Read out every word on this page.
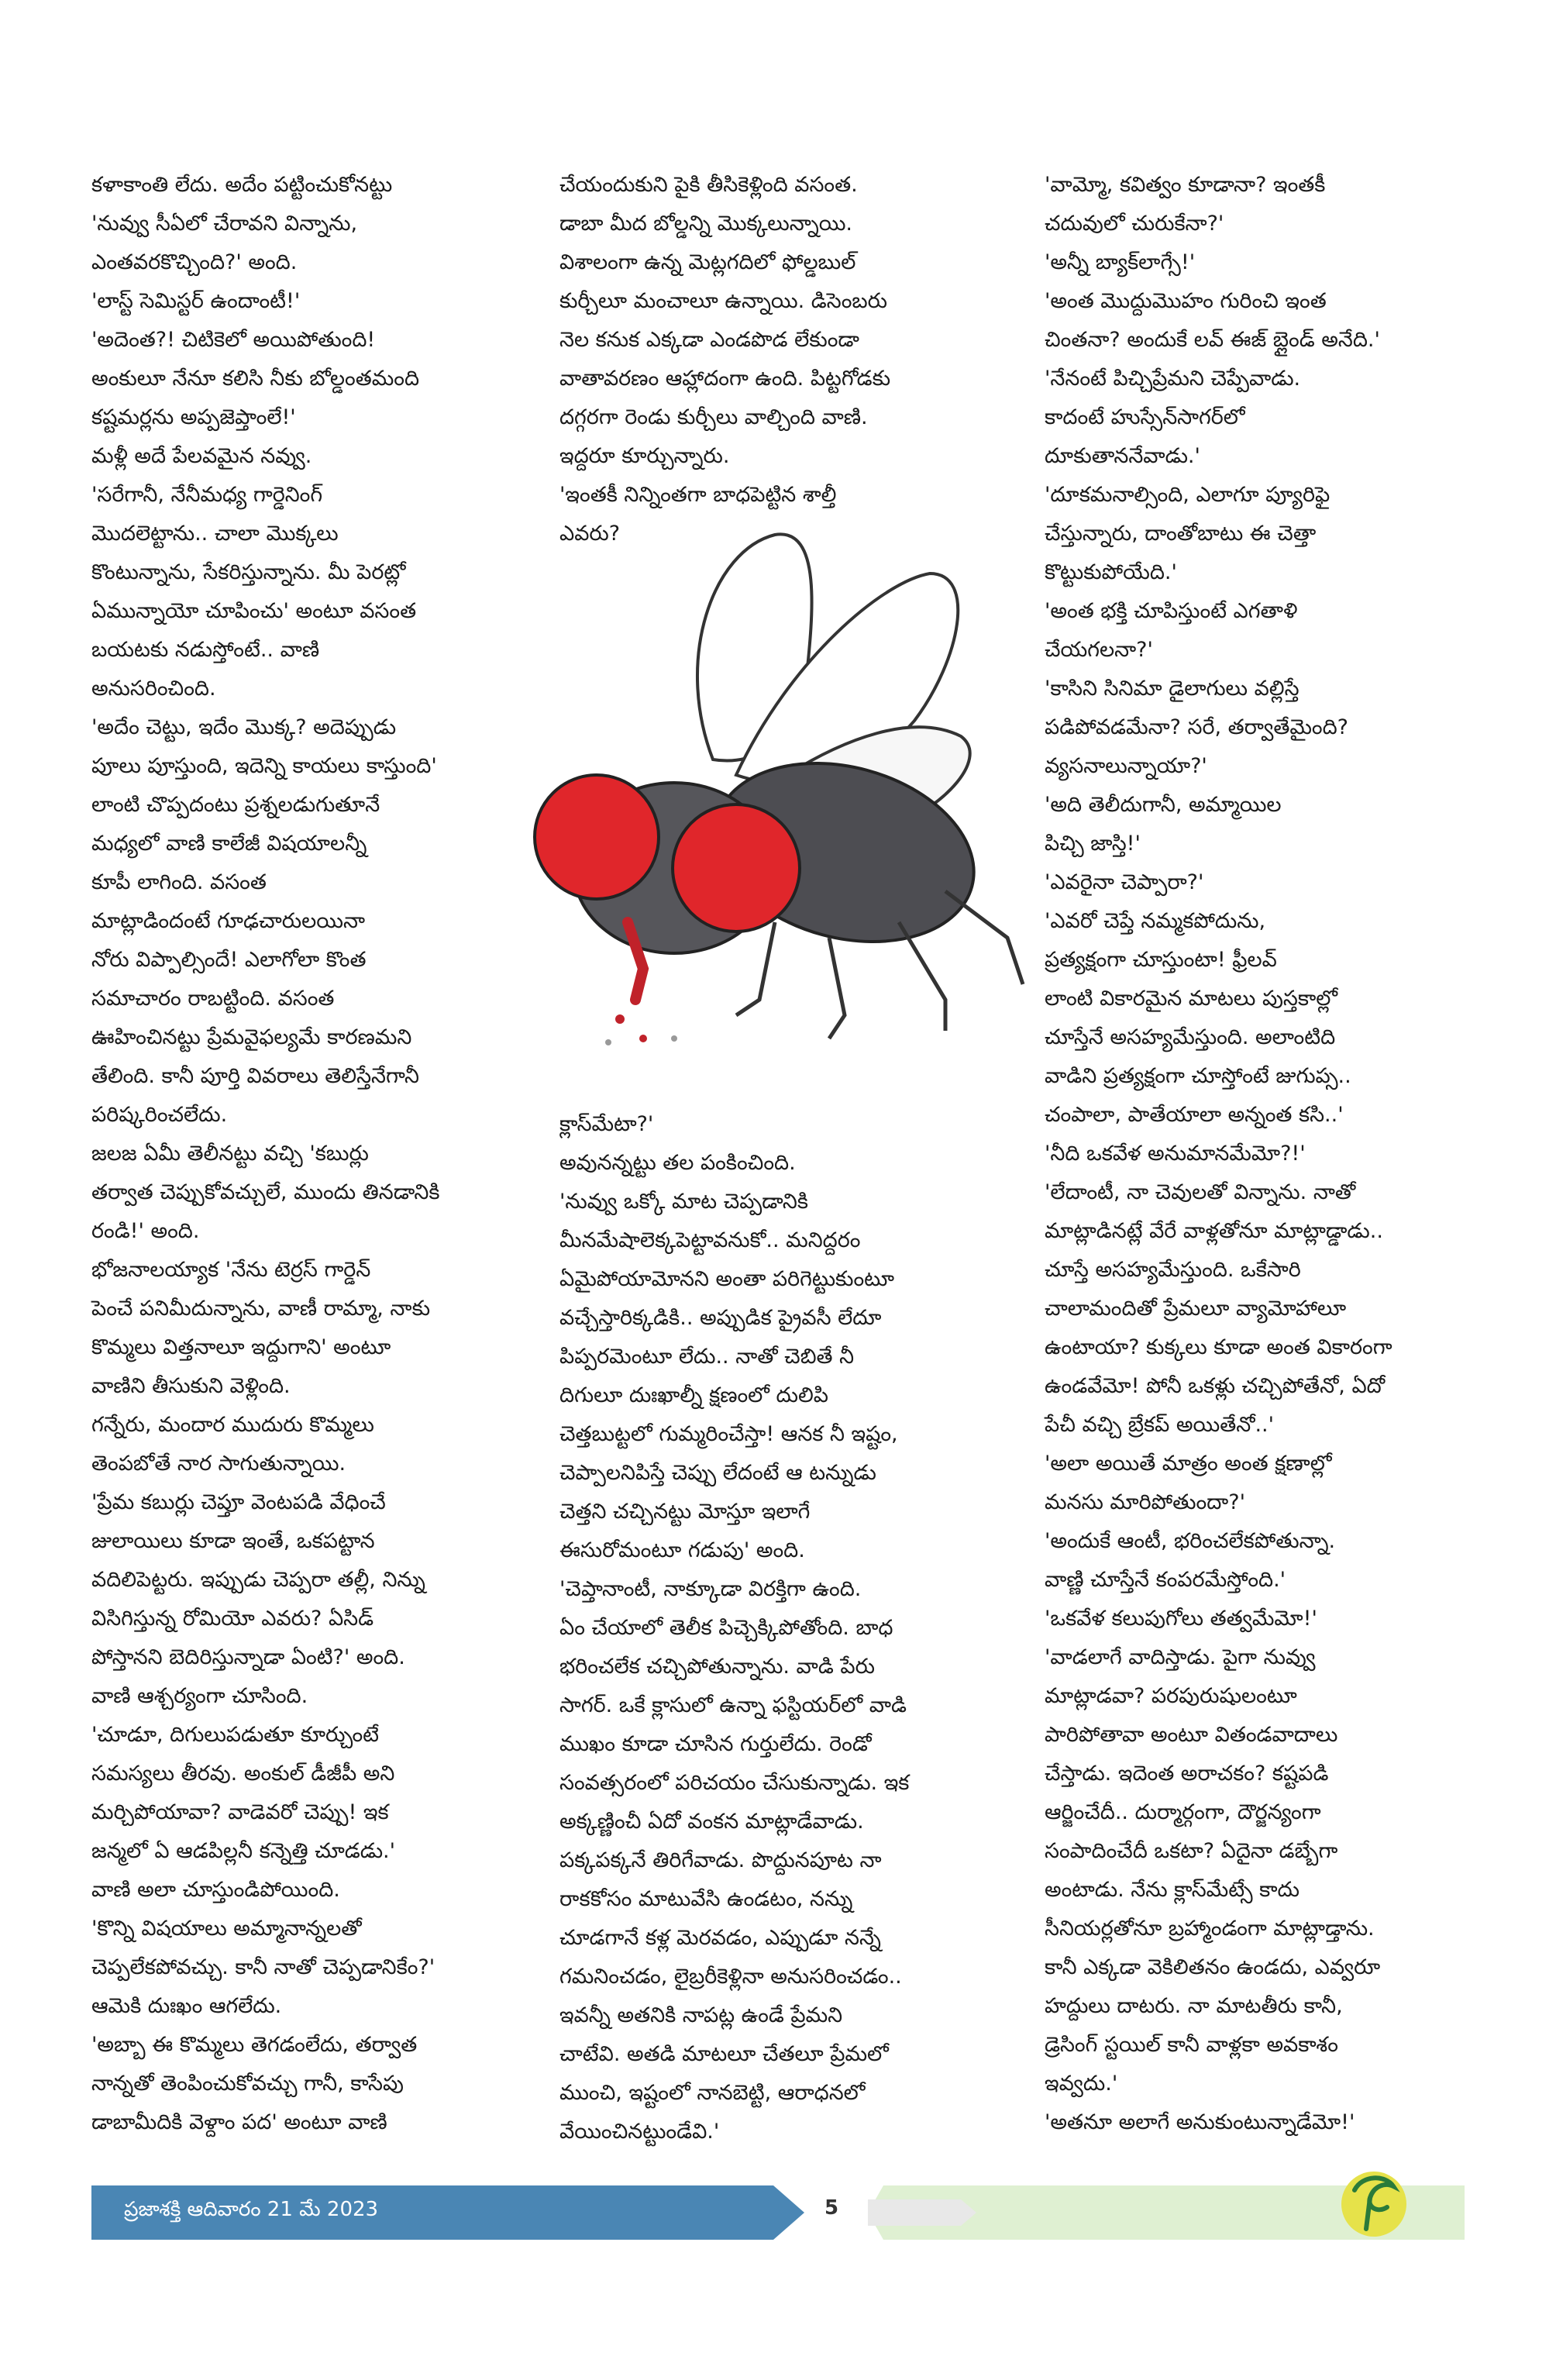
కళాకాంతి లేదు. అదేం పట్టించుకోనట్టు

'నువ్వు సీఏలో చేరావని విన్నాను,

ఎంతవరకొచ్చింది?' అంది.

'లాస్ట్ సెమిస్టర్ ఉందాంటీ!'

'అదెంత?! చిటికెలో అయిపోతుంది!

అంకులూ నేనూ కలిసి నీకు బోల్డంతమంది

కష్టమర్లను అప్పజెప్తాంలే!'

మళ్లీ అదే పేలవమైన నవ్వు.

'సరేగానీ, నేనీమధ్య గార్డెనింగ్

మొదలెట్టాను.. చాలా మొక్కలు

కొంటున్నాను, సేకరిస్తున్నాను. మీ పెరట్లో

ఏమున్నాయో చూపించు' అంటూ వసంత

బయటకు నడుస్తోంటే.. వాణి

అనుసరించింది.

'అదేం చెట్టు, ఇదేం మొక్క? అదెప్పుడు

పూలు పూస్తుంది, ఇదెన్ని కాయలు కాస్తుంది'

లాంటి చొప్పదంటు ప్రశ్నలడుగుతూనే

మధ్యలో వాణి కాలేజీ విషయాలన్నీ

కూపీ లాగింది. వసంత

మాట్లాడిందంటే గూఢచారులయినా

నోరు విప్పాల్సిందే! ఎలాగోలా కొంత

సమాచారం రాబట్టింది. వసంత

ఊహించినట్టు ప్రేమవైఫల్యమే కారణమని

తేలింది. కానీ పూర్తి వివరాలు తెలిస్తేనేగానీ

పరిష్కరించలేదు.

జలజ ఏమీ తెలీనట్టు వచ్చి 'కబుర్లు

తర్వాత చెప్పుకోవచ్చులే, ముందు తినడానికి

రండి!' అంది.

భోజనాలయ్యాక 'నేను టెర్రస్ గార్డెన్

పెంచే పనిమీదున్నాను, వాణీ రామ్మా, నాకు

కొమ్మలు విత్తనాలూ ఇద్దుగాని' అంటూ

వాణిని తీసుకుని వెళ్లింది.

గన్నేరు, మందార ముదురు కొమ్మలు

తెంపబోతే నార సాగుతున్నాయి.

'ప్రేమ కబుర్లు చెప్తూ వెంటపడి వేధించే

జులాయిలు కూడా ఇంతే, ఒకపట్టాన

వదిలిపెట్టరు. ఇప్పుడు చెప్పరా తల్లీ, నిన్ను

విసిగిస్తున్న రోమియో ఎవరు? ఏసిడ్

పోస్తానని బెదిరిస్తున్నాడా ఏంటి?' అంది.

వాణి ఆశ్చర్యంగా చూసింది.

'చూడూ, దిగులుపడుతూ కూర్చుంటే

సమస్యలు తీరవు. అంకుల్ డీజీపీ అని

మర్చిపోయావా? వాడెవరో చెప్పు! ఇక

జన్మలో ఏ ఆడపిల్లనీ కన్నెత్తి చూడడు.'

వాణి అలా చూస్తుండిపోయింది.

'కొన్ని విషయాలు అమ్మానాన్నలతో

చెప్పలేకపోవచ్చు. కానీ నాతో చెప్పడానికేం?'

ఆమెకి దుఃఖం ఆగలేదు.

'అబ్బా ఈ కొమ్మలు తెగడంలేదు, తర్వాత

నాన్నతో తెంపించుకోవచ్చు గానీ, కాసేపు

డాబామీదికి వెళ్దాం పద' అంటూ వాణి

చేయందుకుని పైకి తీసికెళ్లింది వసంత.

డాబా మీద బోల్డన్ని మొక్కలున్నాయి.

విశాలంగా ఉన్న మెట్లగదిలో ఫోల్డబుల్

కుర్చీలూ మంచాలూ ఉన్నాయి. డిసెంబరు

నెల కనుక ఎక్కడా ఎండపొడ లేకుండా

వాతావరణం ఆహ్లాదంగా ఉంది. పిట్టగోడకు

దగ్గరగా రెండు కుర్చీలు వాల్చింది వాణి.

ఇద్దరూ కూర్చున్నారు.

'ఇంతకీ నిన్నింతగా బాధపెట్టిన శాల్తీ

ఎవరు?

క్లాస్‌మేటా?'

అవునన్నట్టు తల పంకించింది.

'నువ్వు ఒక్కో మాట చెప్పడానికి

మీనమేషాలెక్కపెట్టావనుకో.. మనిద్దరం

ఏమైపోయామోనని అంతా పరిగెట్టుకుంటూ

వచ్చేస్తారిక్కడికి.. అప్పుడిక ప్రైవసీ లేదూ

పిప్పరమెంటూ లేదు.. నాతో చెబితే నీ

దిగులూ దుఃఖాల్నీ క్షణంలో దులిపి

చెత్తబుట్టలో గుమ్మరించేస్తా! ఆనక నీ ఇష్టం,

చెప్పాలనిపిస్తే చెప్పు లేదంటే ఆ టన్నుడు

చెత్తని చచ్చినట్టు మోస్తూ ఇలాగే

ఈసురోమంటూ గడుపు' అంది.

'చెప్తానాంటీ, నాక్కూడా విరక్తిగా ఉంది.

ఏం చేయాలో తెలీక పిచ్చెక్కిపోతోంది. బాధ

భరించలేక చచ్చిపోతున్నాను. వాడి పేరు

సాగర్. ఒకే క్లాసులో ఉన్నా ఫస్టియర్‌లో వాడి

ముఖం కూడా చూసిన గుర్తులేదు. రెండో

సంవత్సరంలో పరిచయం చేసుకున్నాడు. ఇక

అక్కణ్ణించీ ఏదో వంకన మాట్లాడేవాడు.

పక్కపక్కనే తిరిగేవాడు. పొద్దునపూట నా

రాకకోసం మాటువేసి ఉండటం, నన్ను

చూడగానే కళ్ల మెరవడం, ఎప్పుడూ నన్నే

గమనించడం, లైబ్రరీకెళ్లినా అనుసరించడం..

ఇవన్నీ అతనికి నాపట్ల ఉండే ప్రేమని

చాటేవి. అతడి మాటలూ చేతలూ ప్రేమలో

ముంచి, ఇష్టంలో నానబెట్టి, ఆరాధనలో

వేయించినట్టుండేవి.'

'వామ్మో, కవిత్వం కూడానా? ఇంతకీ

చదువులో చురుకేనా?'

'అన్నీ బ్యాక్‌లాగ్సే!'

'అంత మొద్దుమొహం గురించి ఇంత

చింతనా? అందుకే లవ్ ఈజ్ బ్లైండ్ అనేది.'

'నేనంటే పిచ్చిప్రేమని చెప్పేవాడు.

కాదంటే హుస్సేన్‌సాగర్‌లో

దూకుతాననేవాడు.'

'దూకమనాల్సింది, ఎలాగూ ప్యూరిఫై

చేస్తున్నారు, దాంతోబాటు ఈ చెత్తా

కొట్టుకుపోయేది.'

'అంత భక్తి చూపిస్తుంటే ఎగతాళి

చేయగలనా?'

'కాసిని సినిమా డైలాగులు వల్లిస్తే

పడిపోవడమేనా? సరే, తర్వాతేమైంది?

వ్యసనాలున్నాయా?'

'అది తెలీదుగానీ, అమ్మాయిల

పిచ్చి జాస్తి!'

'ఎవరైనా చెప్పారా?'

'ఎవరో చెప్తే నమ్మకపోదును,

ప్రత్యక్షంగా చూస్తుంటా! ఫ్రీలవ్

లాంటి వికారమైన మాటలు పుస్తకాల్లో

చూస్తేనే అసహ్యమేస్తుంది. అలాంటిది

వాడిని ప్రత్యక్షంగా చూస్తోంటే జుగుప్స..

చంపాలా, పాతేయాలా అన్నంత కసి..'

'నీది ఒకవేళ అనుమానమేమో?!'

'లేదాంటీ, నా చెవులతో విన్నాను. నాతో

మాట్లాడినట్లే వేరే వాళ్లతోనూ మాట్లాడ్డాడు..

చూస్తే అసహ్యమేస్తుంది. ఒకేసారి

చాలామందితో ప్రేమలూ వ్యామోహాలూ

ఉంటాయా? కుక్కలు కూడా అంత వికారంగా

ఉండవేమో! పోనీ ఒకళ్లు చచ్చిపోతేనో, ఏదో

పేచీ వచ్చి బ్రేకప్ అయితేనో..'

'అలా అయితే మాత్రం అంత క్షణాల్లో

మనసు మారిపోతుందా?'

'అందుకే ఆంటీ, భరించలేకపోతున్నా.

వాణ్ణి చూస్తేనే కంపరమేస్తోంది.'

'ఒకవేళ కలుపుగోలు తత్వమేమో!'

'వాడలాగే వాదిస్తాడు. పైగా నువ్వు

మాట్లాడవా? పరపురుషులంటూ

పారిపోతావా అంటూ వితండవాదాలు

చేస్తాడు. ఇదెంత అరాచకం? కష్టపడి

ఆర్జించేదీ.. దుర్మార్గంగా, దౌర్జన్యంగా

సంపాదించేదీ ఒకటా? ఏదైనా డబ్బేగా

అంటాడు. నేను క్లాస్‌మేట్సే కాదు

సీనియర్లతోనూ బ్రహ్మాండంగా మాట్లాడ్తాను.

కానీ ఎక్కడా వెకిలితనం ఉండదు, ఎవ్వరూ

హద్దులు దాటరు. నా మాటతీరు కానీ,

డ్రెసింగ్ స్టయిల్ కానీ వాళ్లకా అవకాశం

ఇవ్వదు.'

'అతనూ అలాగే అనుకుంటున్నాడేమో!'

ప్రజాశక్తి ఆదివారం 21 మే 2023	5
